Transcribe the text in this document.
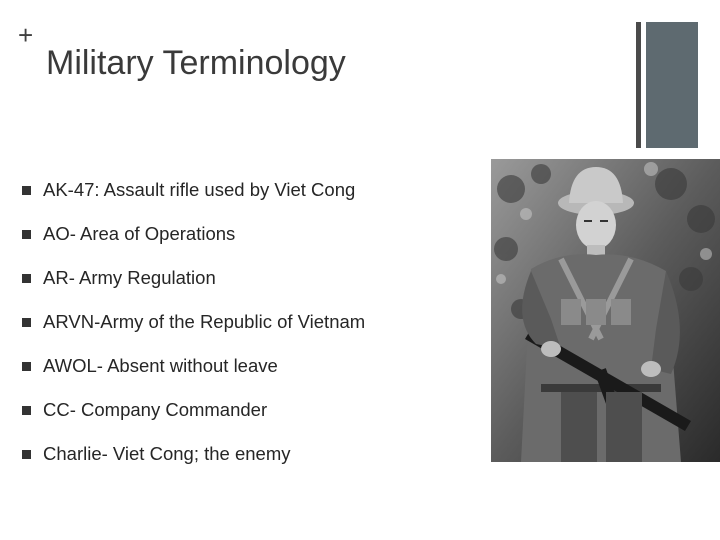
+
Military Terminology
AK-47: Assault rifle used by Viet Cong
AO- Area of Operations
AR- Army Regulation
ARVN-Army of the Republic of Vietnam
AWOL- Absent without leave
CC- Company Commander
Charlie- Viet Cong; the enemy
